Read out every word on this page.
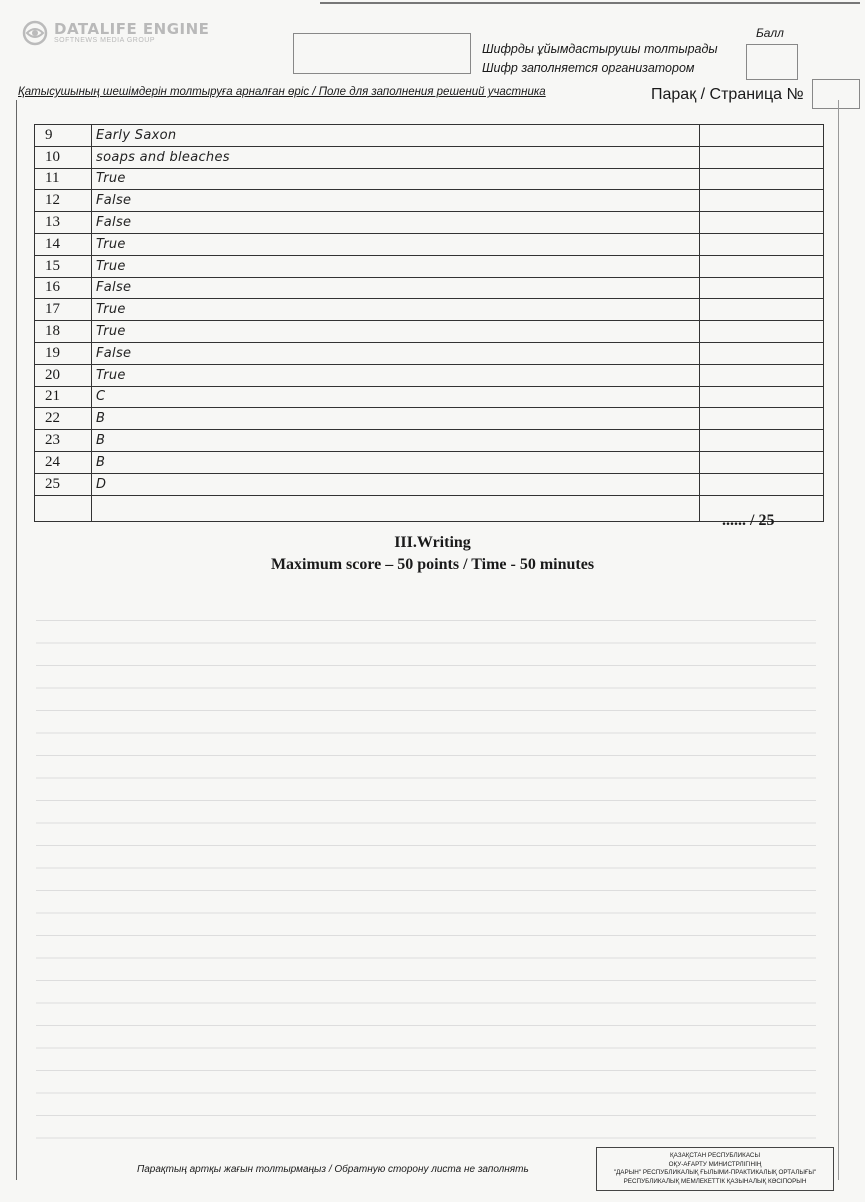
DATALIFE ENGINE
SOFTNEWS MEDIA GROUP
Шифрды ұйымдастырушы толтырады
Шифр заполняется организатором
Балл
Қатысушының шешімдерін толтыруға арналған өріс / Поле для заполнения решений участника	Парақ / Страница №
9	Early Saxon	
10	soaps and bleaches	
11	True	
12	False	
13	False	
14	True	
15	True	
16	False	
17	True	
18	True	
19	False	
20	True	
21	C	
22	B	
23	B	
24	B	
25	D	

...... / 25
III.Writing
Maximum score – 50 points / Time - 50 minutes
Парақтың артқы жағын толтырмаңыз / Обратную сторону листа не заполнять
ҚАЗАҚСТАН РЕСПУБЛИКАСЫ
ОҚУ-АҒАРТУ МИНИСТРЛІГІНІҢ
"ДАРЫН" РЕСПУБЛИКАЛЫҚ ҒЫЛЫМИ-ПРАКТИКАЛЫҚ ОРТАЛЫҒЫ"
РЕСПУБЛИКАЛЫҚ МЕМЛЕКЕТТІК ҚАЗЫНАЛЫҚ КӘСІПОРЫН
